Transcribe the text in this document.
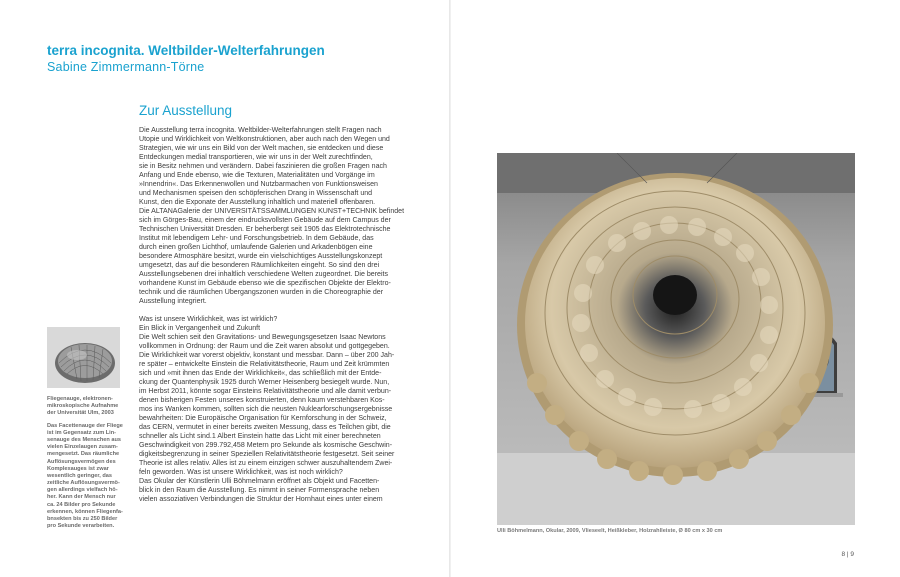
terra incognita. Weltbilder-Welterfahrungen
Sabine Zimmermann-Törne
Zur Ausstellung
Die Ausstellung terra incognita. Weltbilder-Welterfahrungen stellt Fragen nach
Utopie und Wirklichkeit von Weltkonstruktionen, aber auch nach den Wegen und
Strategien, wie wir uns ein Bild von der Welt machen, sie entdecken und diese
Entdeckungen medial transportieren, wie wir uns in der Welt zurechtfinden,
sie in Besitz nehmen und verändern. Dabei faszinieren die großen Fragen nach
Anfang und Ende ebenso, wie die Texturen, Materialitäten und Vorgänge im
»Innendrin«. Das Erkennenwollen und Nutzbarmachen von Funktionsweisen
und Mechanismen speisen den schöpferischen Drang in Wissenschaft und
Kunst, den die Exponate der Ausstellung inhaltlich und materiell offenbaren.
Die ALTANAGalerie der UNIVERSITÄTSSAMMLUNGEN KUNST+TECHNIK befindet
sich im Görges-Bau, einem der eindrucksvollsten Gebäude auf dem Campus der
Technischen Universität Dresden. Er beherbergt seit 1905 das Elektrotechnische
Institut mit lebendigem Lehr- und Forschungsbetrieb. In dem Gebäude, das
durch einen großen Lichthof, umlaufende Galerien und Arkadenbögen eine
besondere Atmosphäre besitzt, wurde ein vielschichtiges Ausstellungskonzept
umgesetzt, das auf die besonderen Räumlichkeiten eingeht. So sind den drei
Ausstellungsebenen drei inhaltlich verschiedene Welten zugeordnet. Die bereits
vorhandene Kunst im Gebäude ebenso wie die spezifischen Objekte der Elektro-
technik und die räumlichen Übergangszonen wurden in die Choreographie der
Ausstellung integriert.
Was ist unsere Wirklichkeit, was ist wirklich?
Ein Blick in Vergangenheit und Zukunft
Die Welt schien seit den Gravitations- und Bewegungsgesetzen Isaac Newtons
vollkommen in Ordnung: der Raum und die Zeit waren absolut und gottgegeben.
Die Wirklichkeit war vorerst objektiv, konstant und messbar. Dann – über 200 Jah-
re später – entwickelte Einstein die Relativitätstheorie, Raum und Zeit krümmten
sich und »mit ihnen das Ende der Wirklichkeit«, das schließlich mit der Entde-
ckung der Quantenphysik 1925 durch Werner Heisenberg besiegelt wurde. Nun,
im Herbst 2011, könnte sogar Einsteins Relativitätstheorie und alle damit verbun-
denen bisherigen Festen unseres konstruierten, denn kaum verstehbaren Kos-
mos ins Wanken kommen, sollten sich die neusten Nuklearforschungsergebnisse
bewahrheiten: Die Europäische Organisation für Kernforschung in der Schweiz,
das CERN, vermutet in einer bereits zweiten Messung, dass es Teilchen gibt, die
schneller als Licht sind.1 Albert Einstein hatte das Licht mit einer berechneten
Geschwindigkeit von 299.792,458 Metern pro Sekunde als kosmische Geschwin-
digkeitsbegrenzung in seiner Speziellen Relativitätstheorie festgesetzt. Seit seiner
Theorie ist alles relativ. Alles ist zu einem einzigen schwer auszuhaltendem Zwei-
feln geworden. Was ist unsere Wirklichkeit, was ist noch wirklich?
Das Okular der Künstlerin Ulli Böhmelmann eröffnet als Objekt und Facetten-
blick in den Raum die Ausstellung. Es nimmt in seiner Formensprache neben
vielen assoziativen Verbindungen die Struktur der Hornhaut eines unter einem
Fliegenauge, elektronen-
mikroskopische Aufnahme
der Universität Ulm, 2003
Das Facettenauge der Fliege
ist im Gegensatz zum Lin-
senauge des Menschen aus
vielen Einzelaugen zusam-
mengesetzt. Das räumliche
Auflösungsvermögen des
Komplexauges ist zwar
wesentlich geringer, das
zeitliche Auflösungsvermö-
gen allerdings vielfach hö-
her. Kann der Mensch nur
ca. 24 Bilder pro Sekunde
erkennen, können Fliegenfa-
bnsekten bis zu 250 Bilder
pro Sekunde verarbeiten.
Ulli Böhmelmann, Okular, 2009, Vlieseelt, Heißkleber, Holzrahlleiste, Ø 80 cm x 30 cm
8 | 9
